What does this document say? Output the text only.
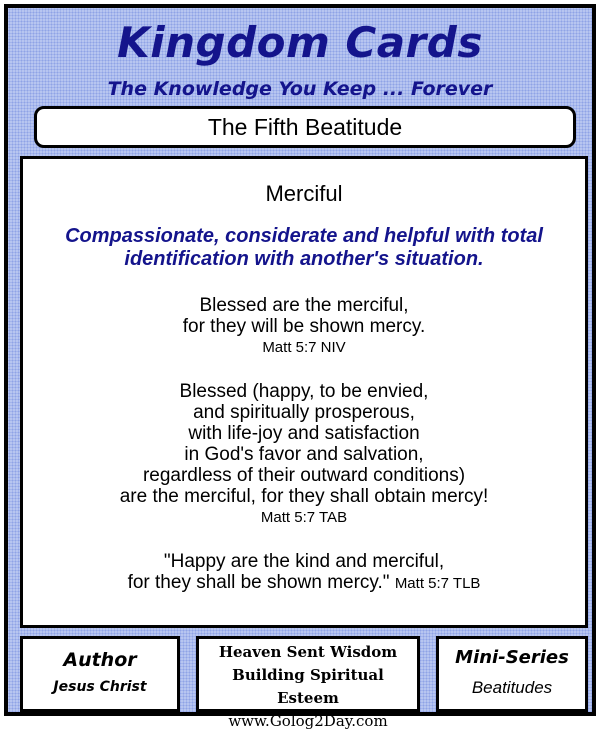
Kingdom Cards
The Knowledge You Keep ... Forever
The Fifth Beatitude
Merciful
Compassionate, considerate and helpful with total
identification with another's situation.
Blessed are the merciful,
for they will be shown mercy.
Matt 5:7 NIV
Blessed (happy, to be envied,
and spiritually prosperous,
with life-joy and satisfaction
in God's favor and salvation,
regardless of their outward conditions)
are the merciful, for they shall obtain mercy!
Matt 5:7 TAB
"Happy are the kind and merciful,
for they shall be shown mercy." Matt 5:7 TLB
Author
Jesus Christ
Heaven Sent Wisdom
Building Spiritual Esteem
www.Golog2Day.com
Mini-Series
Beatitudes
